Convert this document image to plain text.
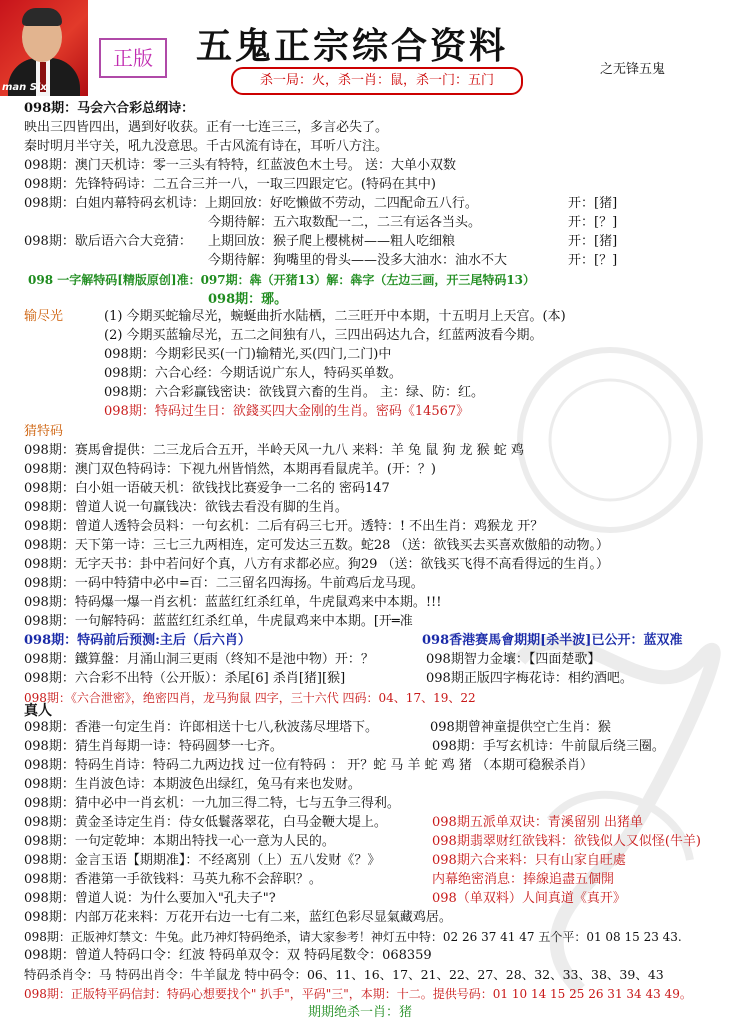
man Six
正版	五鬼正宗综合资料
杀一局：火，杀一肖：鼠，杀一门：五门
之无锋五鬼
098期：马会六合彩总纲诗：
映出三四皆四出，遇到好收获。正有一七连三三，多言必失了。
秦时明月半守关，吼九没意思。千古风流有诗在，耳听八方注。
098期：澳门天机诗：零一三头有特特，红蓝波色木土号。 送：大单小双数
098期：先锋特码诗：二五合三并一八，一取三四跟定它。(特码在其中)
098期：白姐内幕特码玄机诗：上期回放：好吃懒做不劳动，二四配命五八行。	开：[猪]
今期待解：五六取数配一二，二三有运各当头。	开：[？]
098期：歇后语六合大竞猜： 上期回放：猴子爬上樱桃树——粗人吃细粮	开：[猪]
今期待解：狗嘴里的骨头——没多大油水：油水不大	开：[？]
098 一字解特码[精版原创]准：097期：犇（开猪13）解：犇字（左边三画，开三尾特码13）
098期：琊。
输尽光	(1) 今期买蛇输尽光，蜿蜒曲折水陆栖，二三旺开中本期，十五明月上天宫。(本)
(2) 今期买蓝输尽光，五二之间独有八，三四出码达九合，红蓝两波看今期。
098期：今期彩民买(一门)输精光,买(四门,二门)中
098期：六合心经：今期话说广东人，特码买单数。
098期：六合彩赢钱密诀：欲钱買六畜的生肖。 主：绿、防：红。
098期：特码过生日：欲錢买四大金刚的生肖。密码《14567》
猜特码
098期：赛馬會提供：二三龙后合五开，半岭天风一九八 来料：羊 兔 鼠 狗 龙 猴 蛇 鸡
098期：澳门双色特码诗：下视九州皆悄然，本期再看鼠虎羊。(开：？)
098期：白小姐一语破天机：欲钱找比赛爱争一二名的 密码147
098期：曾道人说一句赢钱决：欲钱去看没有脚的生肖。
098期：曾道人透特会员料：一句玄机：二后有码三七开。透特：! 不出生肖：鸡猴龙 开？
098期：天下第一诗：三七三九两相连，定可发达三五数。蛇28 （送：欲钱买去买喜欢傲船的动物。）
098期：无字天书：卦中若问好个真，八方有求都必应。狗29 （送：欲钱买飞得不高看得远的生肖。）
098期：一码中特猜中必中=百：二三留名四海扬。牛前鸡后龙马现。
098期：特码爆一爆一肖玄机：蓝蓝红红杀红单，牛虎鼠鸡来中本期。!!!
098期：一句解特码：蓝蓝红红杀红单，牛虎鼠鸡来中本期。[开═准
098期：特码前后预测:主后（后六肖）	098香港赛馬會期期[杀半波]已公开：蓝双准
098期：鐵算盤：月涌山洞三更雨（终知不是池中物）开：？	098期智力金壤：【四面楚歌】
098期：六合彩不出特（公开版）：杀尾[6] 杀肖[猪][猴]	098期正版四字梅花诗：相约酒吧。
098期：《六合泄密》，绝密四肖，龙马狗鼠 四字，三十六代 四码：04、17、19、22
真人
098期：香港一句定生肖：许郎相送十七八,秋波荡尽埋塔下。	098期曾神童提供空亡生肖：猴
098期：猜生肖每期一诗：特码圆梦一七齐。	098期：手写玄机诗：牛前鼠后绕三圈。
098期：特码生肖诗：特码二九两边找 过一位有特码 ： 开？蛇 马 羊 蛇 鸡 猪 （本期可稳猴杀肖）
098期：生肖波色诗：本期波色出绿红，兔马有来也发财。
098期：猜中必中一肖玄机：一九加三得二特，七与五争三得利。
098期：黄金圣诗定生肖：侍女低鬟落翠花，白马金鞭大堤上。	098期五派单双诀：青溪留别 出猪单
098期：一句定乾坤：本期出特找一心一意为人民的。	098期翡翠财红欲钱料：欲钱似人又似怪(牛羊)
098期：金言玉语【期期准】：不经离别（上）五八发财《？》	098期六合来料：只有山家自旺處
098期：香港第一手欲钱料：马英九称不会辞职？。	内幕绝密消息：捧線追盡五個開
098期：曾道人说：为什么要加入"孔夫子"?	098（单双料）人间真道《真开》
098期：内部万花来料：万花开右边一七有二来，蓝红色彩尽显氣藏鸡居。
098期：正版神灯禁文：牛兔。此乃神灯特码绝杀，请大家参考！神灯五中特：02 26 37 41 47 五个平：01 08 15 23 43.
098期：曾道人特码口令：红波 特码单双令：双 特码尾数令：068359
特码杀肖令：马 特码出肖令：牛羊鼠龙 特中码令：06、11、16、17、21、22、27、28、32、33、38、39、43
098期：正版特平码信封：特码心想要找个" 扒手"，平码"三"，本期：十二。提供号码：01 10 14 15 25 26 31 34 43 49。
期期绝杀一肖：猪
